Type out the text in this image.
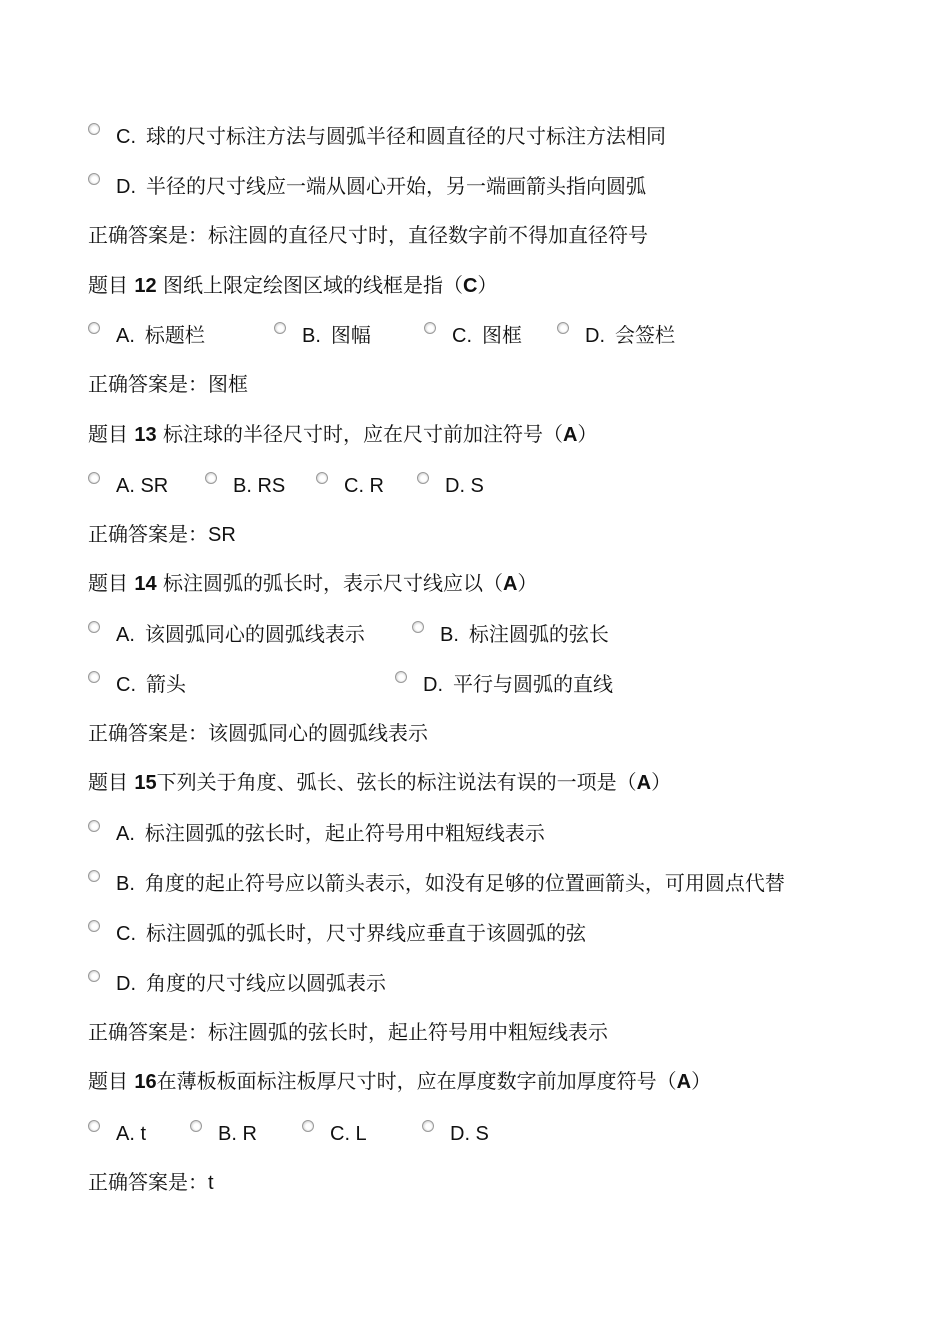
C. 球的尺寸标注方法与圆弧半径和圆直径的尺寸标注方法相同
D. 半径的尺寸线应一端从圆心开始，另一端画箭头指向圆弧
正确答案是：标注圆的直径尺寸时，直径数字前不得加直径符号
题目 12 图纸上限定绘图区域的线框是指（C）
A. 标题栏	B. 图幅	C. 图框	D. 会签栏
正确答案是：图框
题目 13 标注球的半径尺寸时，应在尺寸前加注符号（A）
A. SR	B. RS	C. R	D. S
正确答案是：SR
题目 14 标注圆弧的弧长时，表示尺寸线应以（A）
A. 该圆弧同心的圆弧线表示	B. 标注圆弧的弦长
C. 箭头	D. 平行与圆弧的直线
正确答案是：该圆弧同心的圆弧线表示
题目 15下列关于角度、弧长、弦长的标注说法有误的一项是（A）
A. 标注圆弧的弦长时，起止符号用中粗短线表示
B. 角度的起止符号应以箭头表示，如没有足够的位置画箭头，可用圆点代替
C. 标注圆弧的弧长时，尺寸界线应垂直于该圆弧的弦
D. 角度的尺寸线应以圆弧表示
正确答案是：标注圆弧的弦长时，起止符号用中粗短线表示
题目 16在薄板板面标注板厚尺寸时，应在厚度数字前加厚度符号（A）
A. t	B. R	C. L	D. S
正确答案是：t
